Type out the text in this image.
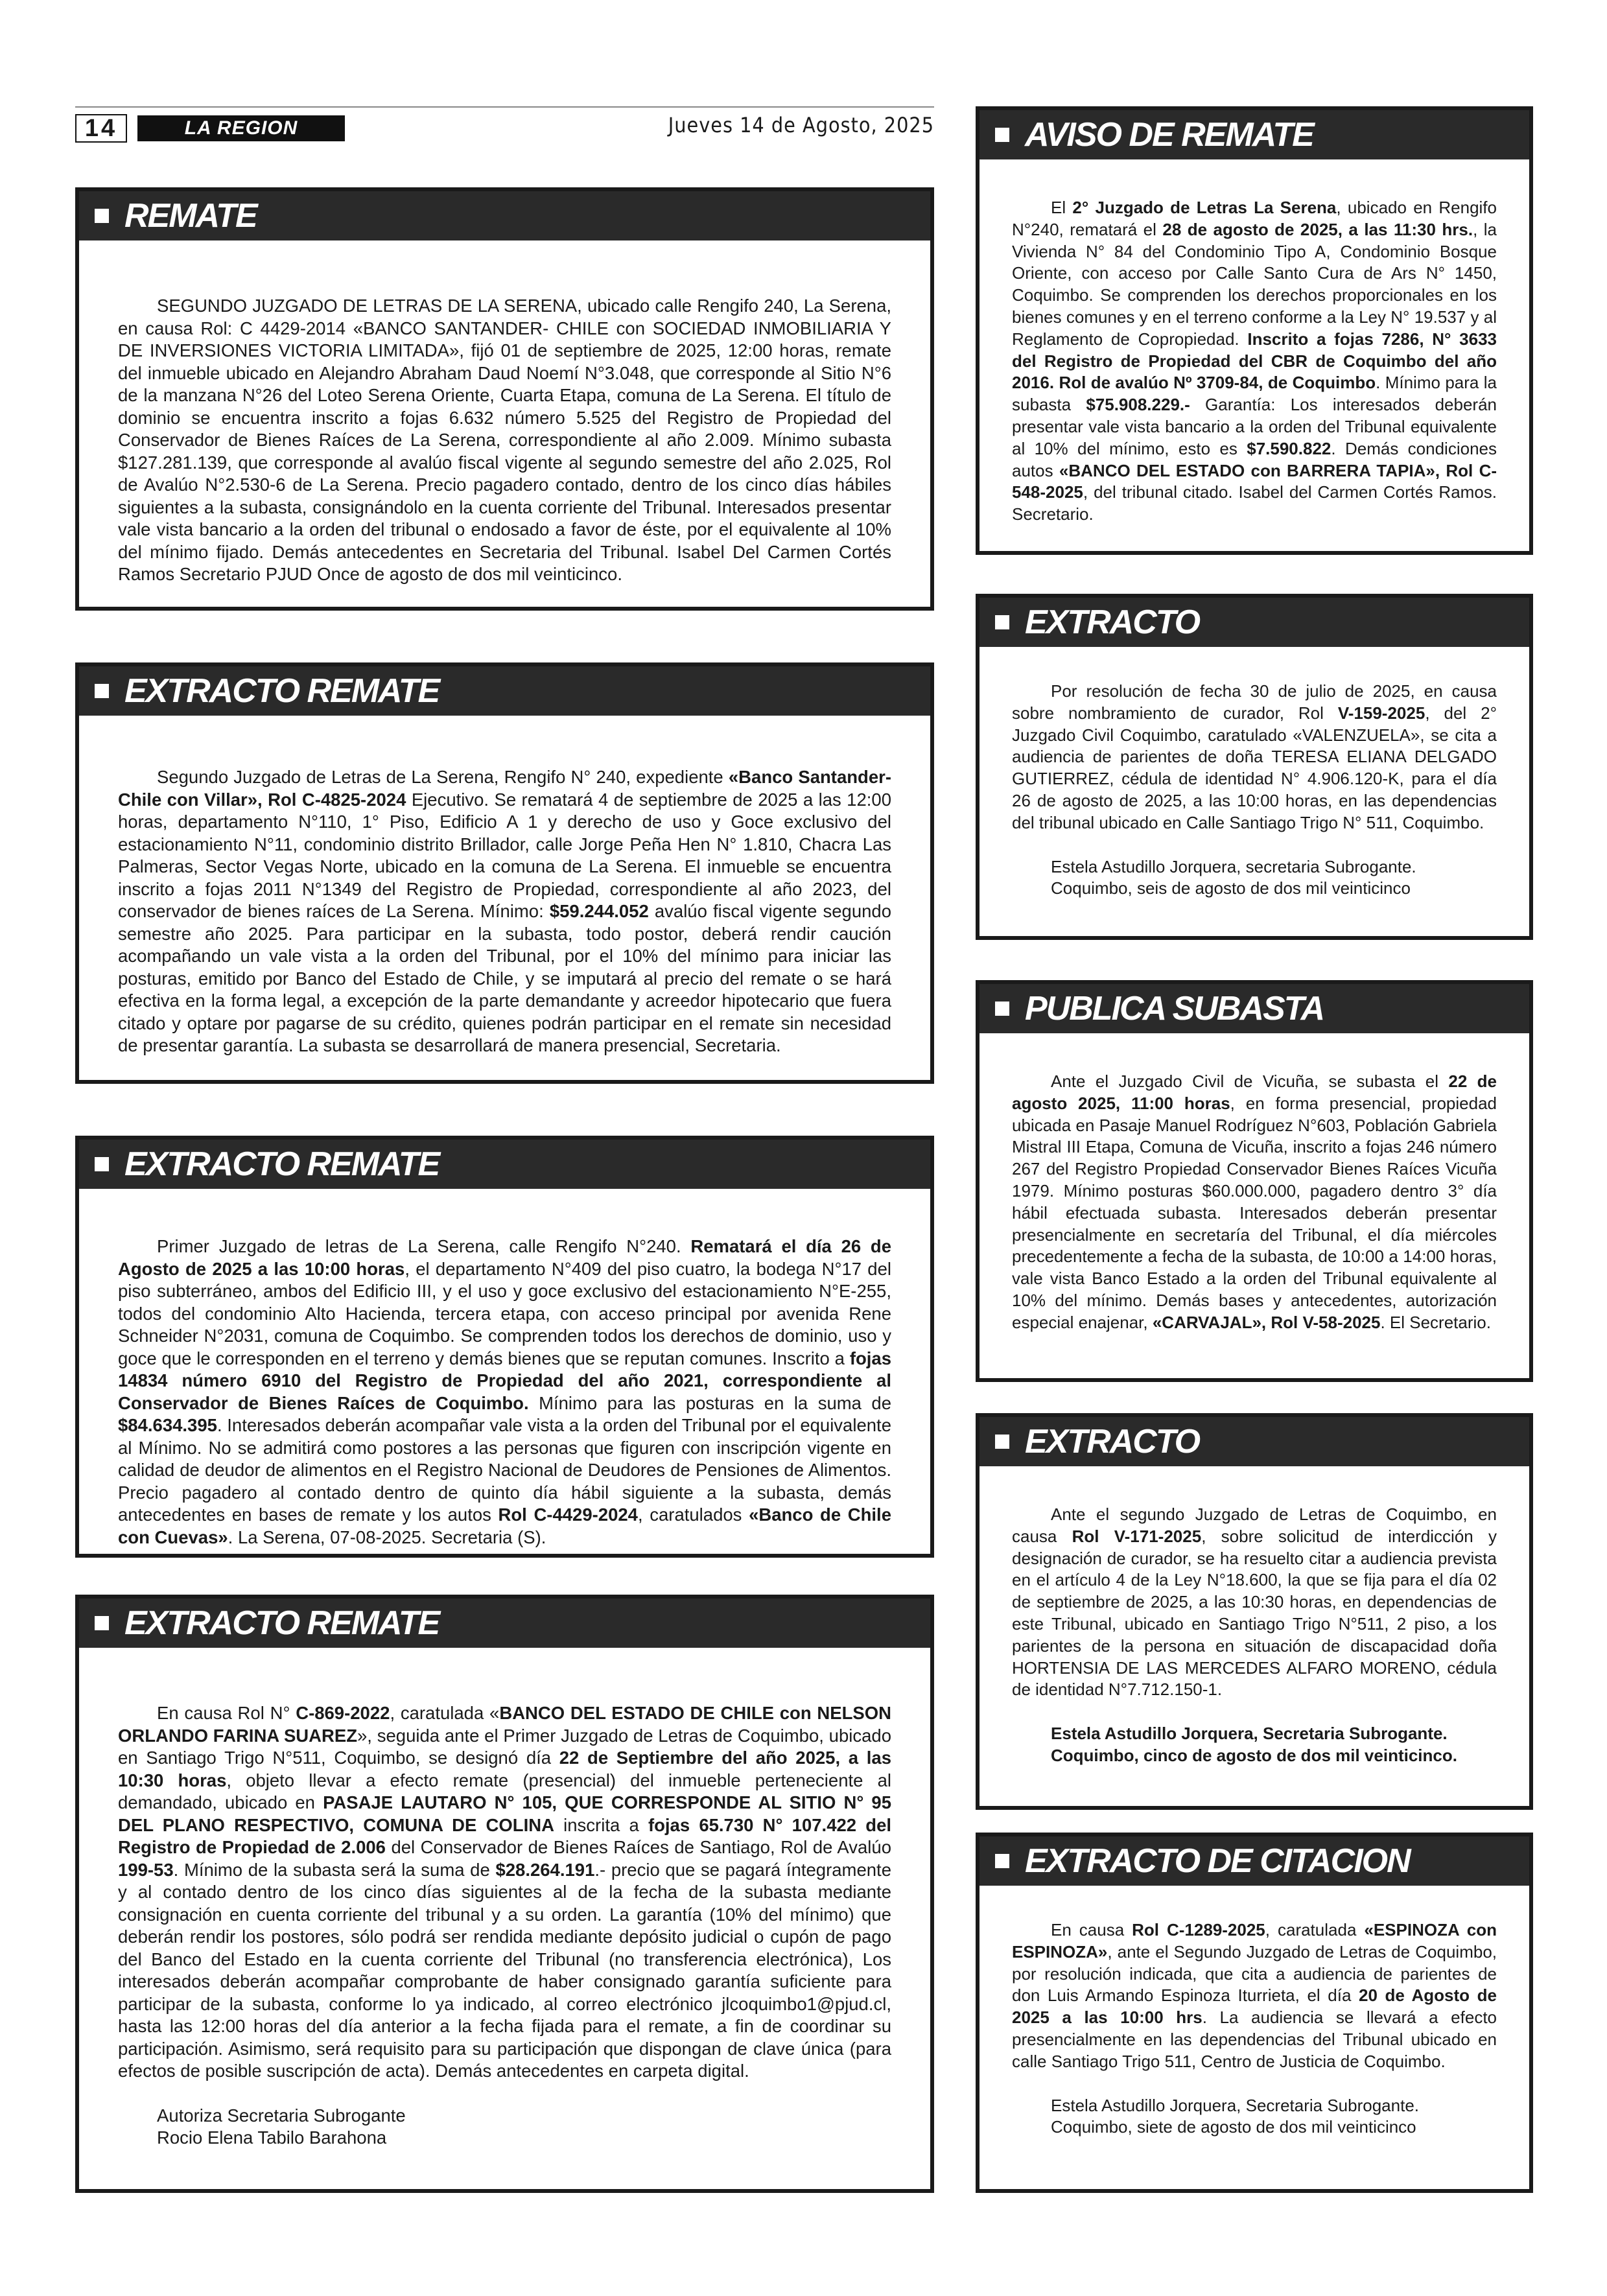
14	LA REGION	Jueves 14 de Agosto, 2025
REMATE

SEGUNDO JUZGADO DE LETRAS DE LA SERENA, ubicado calle Rengifo 240, La Serena, en causa Rol: C 4429-2014 «BANCO SANTANDER- CHILE con SOCIEDAD INMOBILIARIA Y DE INVERSIONES VICTORIA LIMITADA», fijó 01 de septiembre de 2025, 12:00 horas, remate del inmueble ubicado en Alejandro Abraham Daud Noemí N°3.048, que corresponde al Sitio N°6 de la manzana N°26 del Loteo Serena Oriente, Cuarta Etapa, comuna de La Serena. El título de dominio se encuentra inscrito a fojas 6.632 número 5.525 del Registro de Propiedad del Conservador de Bienes Raíces de La Serena, correspondiente al año 2.009. Mínimo subasta $127.281.139, que corresponde al avalúo fiscal vigente al segundo semestre del año 2.025, Rol de Avalúo N°2.530-6 de La Serena. Precio pagadero contado, dentro de los cinco días hábiles siguientes a la subasta, consignándolo en la cuenta corriente del Tribunal. Interesados presentar vale vista bancario a la orden del tribunal o endosado a favor de éste, por el equivalente al 10% del mínimo fijado. Demás antecedentes en Secretaria del Tribunal. Isabel Del Carmen Cortés Ramos Secretario PJUD Once de agosto de dos mil veinticinco.

EXTRACTO REMATE

Segundo Juzgado de Letras de La Serena, Rengifo N° 240, expediente «Banco Santander-Chile con Villar», Rol C-4825-2024 Ejecutivo. Se rematará 4 de septiembre de 2025 a las 12:00 horas, departamento N°110, 1° Piso, Edificio A 1 y derecho de uso y Goce exclusivo del estacionamiento N°11, condominio distrito Brillador, calle Jorge Peña Hen N° 1.810, Chacra Las Palmeras, Sector Vegas Norte, ubicado en la comuna de La Serena. El inmueble se encuentra inscrito a fojas 2011 N°1349 del Registro de Propiedad, correspondiente al año 2023, del conservador de bienes raíces de La Serena. Mínimo: $59.244.052 avalúo fiscal vigente segundo semestre año 2025. Para participar en la subasta, todo postor, deberá rendir caución acompañando un vale vista a la orden del Tribunal, por el 10% del mínimo para iniciar las posturas, emitido por Banco del Estado de Chile, y se imputará al precio del remate o se hará efectiva en la forma legal, a excepción de la parte demandante y acreedor hipotecario que fuera citado y optare por pagarse de su crédito, quienes podrán participar en el remate sin necesidad de presentar garantía. La subasta se desarrollará de manera presencial, Secretaria.

EXTRACTO REMATE

Primer Juzgado de letras de La Serena, calle Rengifo N°240. Rematará el día 26 de Agosto de 2025 a las 10:00 horas, el departamento N°409 del piso cuatro, la bodega N°17 del piso subterráneo, ambos del Edificio III, y el uso y goce exclusivo del estacionamiento N°E-255, todos del condominio Alto Hacienda, tercera etapa, con acceso principal por avenida Rene Schneider N°2031, comuna de Coquimbo. Se comprenden todos los derechos de dominio, uso y goce que le corresponden en el terreno y demás bienes que se reputan comunes. Inscrito a fojas 14834 número 6910 del Registro de Propiedad del año 2021, correspondiente al Conservador de Bienes Raíces de Coquimbo. Mínimo para las posturas en la suma de $84.634.395. Interesados deberán acompañar vale vista a la orden del Tribunal por el equivalente al Mínimo. No se admitirá como postores a las personas que figuren con inscripción vigente en calidad de deudor de alimentos en el Registro Nacional de Deudores de Pensiones de Alimentos. Precio pagadero al contado dentro de quinto día hábil siguiente a la subasta, demás antecedentes en bases de remate y los autos Rol C-4429-2024, caratulados «Banco de Chile con Cuevas». La Serena, 07-08-2025. Secretaria (S).

EXTRACTO REMATE

En causa Rol N° C-869-2022, caratulada «BANCO DEL ESTADO DE CHILE con NELSON ORLANDO FARINA SUAREZ», seguida ante el Primer Juzgado de Letras de Coquimbo, ubicado en Santiago Trigo N°511, Coquimbo, se designó día 22 de Septiembre del año 2025, a las 10:30 horas, objeto llevar a efecto remate (presencial) del inmueble perteneciente al demandado, ubicado en PASAJE LAUTARO N° 105, QUE CORRESPONDE AL SITIO N° 95 DEL PLANO RESPECTIVO, COMUNA DE COLINA inscrita a fojas 65.730 N° 107.422 del Registro de Propiedad de 2.006 del Conservador de Bienes Raíces de Santiago, Rol de Avalúo 199-53. Mínimo de la subasta será la suma de $28.264.191.- precio que se pagará íntegramente y al contado dentro de los cinco días siguientes al de la fecha de la subasta mediante consignación en cuenta corriente del tribunal y a su orden. La garantía (10% del mínimo) que deberán rendir los postores, sólo podrá ser rendida mediante depósito judicial o cupón de pago del Banco del Estado en la cuenta corriente del Tribunal (no transferencia electrónica), Los interesados deberán acompañar comprobante de haber consignado garantía suficiente para participar de la subasta, conforme lo ya indicado, al correo electrónico jlcoquimbo1@pjud.cl, hasta las 12:00 horas del día anterior a la fecha fijada para el remate, a fin de coordinar su participación. Asimismo, será requisito para su participación que dispongan de clave única (para efectos de posible suscripción de acta). Demás antecedentes en carpeta digital.

Autoriza Secretaria Subrogante

Rocio Elena Tabilo Barahona

AVISO DE REMATE

El 2° Juzgado de Letras La Serena, ubicado en Rengifo N°240, rematará el 28 de agosto de 2025, a las 11:30 hrs., la Vivienda N° 84 del Condominio Tipo A, Condominio Bosque Oriente, con acceso por Calle Santo Cura de Ars N° 1450, Coquimbo. Se comprenden los derechos proporcionales en los bienes comunes y en el terreno conforme a la Ley N° 19.537 y al Reglamento de Copropiedad. Inscrito a fojas 7286, N° 3633 del Registro de Propiedad del CBR de Coquimbo del año 2016. Rol de avalúo Nº 3709-84, de Coquimbo. Mínimo para la subasta $75.908.229.- Garantía: Los interesados deberán presentar vale vista bancario a la orden del Tribunal equivalente al 10% del mínimo, esto es $7.590.822. Demás condiciones autos «BANCO DEL ESTADO con BARRERA TAPIA», Rol C-548-2025, del tribunal citado. Isabel del Carmen Cortés Ramos. Secretario.

EXTRACTO

Por resolución de fecha 30 de julio de 2025, en causa sobre nombramiento de curador, Rol V-159-2025, del 2° Juzgado Civil Coquimbo, caratulado «VALENZUELA», se cita a audiencia de parientes de doña TERESA ELIANA DELGADO GUTIERREZ, cédula de identidad N° 4.906.120-K, para el día 26 de agosto de 2025, a las 10:00 horas, en las dependencias del tribunal ubicado en Calle Santiago Trigo N° 511, Coquimbo.

Estela Astudillo Jorquera, secretaria Subrogante.

Coquimbo, seis de agosto de dos mil veinticinco

PUBLICA SUBASTA

Ante el Juzgado Civil de Vicuña, se subasta el 22 de agosto 2025, 11:00 horas, en forma presencial, propiedad ubicada en Pasaje Manuel Rodríguez N°603, Población Gabriela Mistral III Etapa, Comuna de Vicuña, inscrito a fojas 246 número 267 del Registro Propiedad Conservador Bienes Raíces Vicuña 1979. Mínimo posturas $60.000.000, pagadero dentro 3° día hábil efectuada subasta. Interesados deberán presentar presencialmente en secretaría del Tribunal, el día miércoles precedentemente a fecha de la subasta, de 10:00 a 14:00 horas, vale vista Banco Estado a la orden del Tribunal equivalente al 10% del mínimo. Demás bases y antecedentes, autorización especial enajenar, «CARVAJAL», Rol V-58-2025. El Secretario.

EXTRACTO

Ante el segundo Juzgado de Letras de Coquimbo, en causa Rol V-171-2025, sobre solicitud de interdicción y designación de curador, se ha resuelto citar a audiencia prevista en el artículo 4 de la Ley N°18.600, la que se fija para el día 02 de septiembre de 2025, a las 10:30 horas, en dependencias de este Tribunal, ubicado en Santiago Trigo N°511, 2 piso, a los parientes de la persona en situación de discapacidad doña HORTENSIA DE LAS MERCEDES ALFARO MORENO, cédula de identidad N°7.712.150-1.

Estela Astudillo Jorquera, Secretaria Subrogante.

Coquimbo, cinco de agosto de dos mil veinticinco.

EXTRACTO DE CITACION

En causa Rol C-1289-2025, caratulada «ESPINOZA con ESPINOZA», ante el Segundo Juzgado de Letras de Coquimbo, por resolución indicada, que cita a audiencia de parientes de don Luis Armando Espinoza Iturrieta, el día 20 de Agosto de 2025 a las 10:00 hrs. La audiencia se llevará a efecto presencialmente en las dependencias del Tribunal ubicado en calle Santiago Trigo 511, Centro de Justicia de Coquimbo.

Estela Astudillo Jorquera, Secretaria Subrogante.

Coquimbo, siete de agosto de dos mil veinticinco
